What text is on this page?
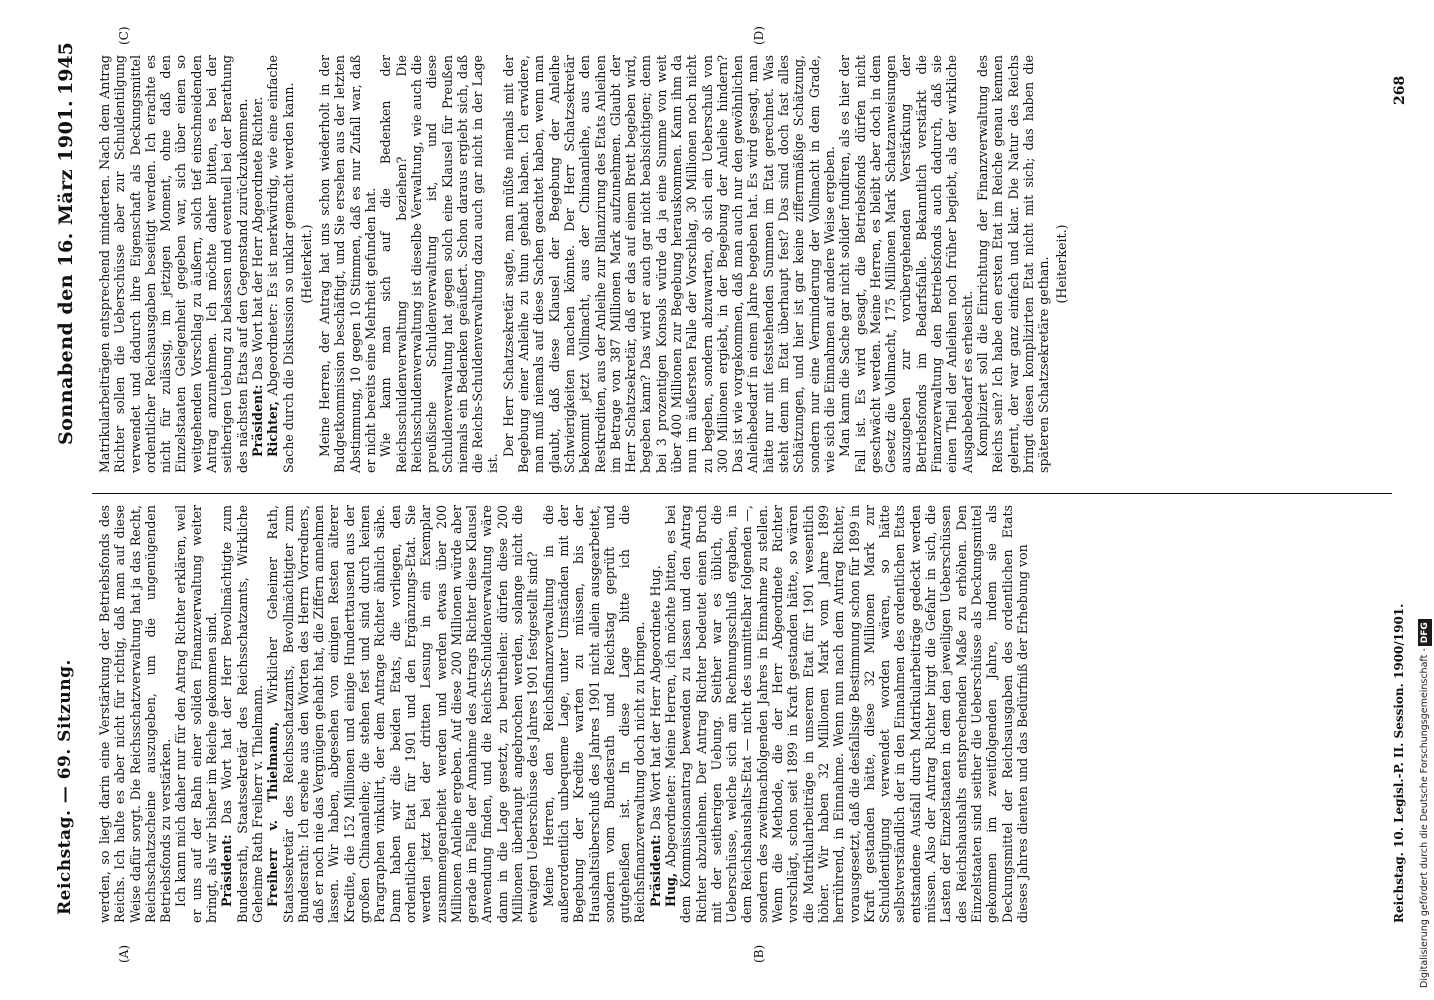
Reichstag. — 69. Sitzung.
Sonnabend den 16. März 1901.
1945
(A)	(B)
(C)	(D)

werden, so liegt darin eine Verstärkung der Betriebsfonds des Reichs. Ich halte es aber nicht für richtig, daß man auf diese Weise dafür sorgt. Die Reichsschatzverwaltung hat ja das Recht, Reichsschatzscheine auszugeben, um die ungenügenden Betriebsfonds zu verstärken. Ich kann mich daher nur für den Antrag Richter erklären, weil er uns auf der Bahn einer soliden Finanzverwaltung weiter bringt, als wir bisher im Reiche gekommen sind. Präsident: Das Wort hat der Herr Bevollmächtigte zum Bundesrath, Staatssekretär des Reichsschatzamts, Wirkliche Geheime Rath Freiherr v. Thielmann. Freiherr v. Thielmann, Wirklicher Geheimer Rath, Staatssekretär des Reichsschatzamts, Bevollmächtigter zum Bundesrath: Ich ersehe aus den Worten des Herrn Vorredners, daß er noch nie das Vergnügen gehabt hat, die Ziffern annehmen lassen. Wir haben, abgesehen von einigen Resten älterer Kredite, die 152 Millionen und einige Hunderttausend aus der großen Chinaanleihe; die stehen fest und sind durch keinen Paragraphen vinkulirt, der dem Antrage Richter ähnlich sähe. Dann haben wir die beiden Etats, die vorliegen, den ordentlichen Etat für 1901 und den Ergänzungs-Etat. Sie werden jetzt bei der dritten Lesung in ein Exemplar zusammengearbeitet werden und werden etwas über 200 Millionen Anleihe ergeben. Auf diese 200 Millionen würde aber gerade im Falle der Annahme des Antrags Richter diese Klausel Anwendung finden, und die Reichs-Schuldenverwaltung wäre dann in die Lage gesetzt, zu beurtheilen: dürfen diese 200 Millionen überhaupt angebrochen werden, solange nicht die etwaigen Ueberschüsse des Jahres 1901 festgestellt sind? Meine Herren, den Reichsfinanzverwaltung in die außerordentlich unbequeme Lage, unter Umständen mit der Begebung der Kredite warten zu müssen, bis der Haushaltsüberschuß des Jahres 1901 nicht allein ausgearbeitet, sondern vom Bundesrath und Reichstag geprüft und gutgeheißen ist. In diese Lage bitte ich die Reichsfinanzverwaltung doch nicht zu bringen. Präsident: Das Wort hat der Herr Abgeordnete Hug.

Hug, Abgeordneter: Meine Herren, ich möchte bitten, es bei dem Kommissionsantrag bewenden zu lassen und den Antrag Richter abzulehnen. Der Antrag Richter bedeutet einen Bruch mit der seitherigen Uebung. Seither war es üblich, die Ueberschüsse, welche sich am Rechnungsschluß ergaben, in dem Reichshaushalts-Etat — nicht des unmittelbar folgenden —, sondern des zweitnachfolgenden Jahres in Einnahme zu stellen. Wenn die Methode, die der Herr Abgeordnete Richter vorschlägt, schon seit 1899 in Kraft gestanden hätte, so wären die Matrikularbeiträge in unserem Etat für 1901 wesentlich höher. Wir haben 32 Millionen Mark vom Jahre 1899 herrührend, in Einnahme. Wenn nun nach dem Antrag Richter, vorausgesetzt, daß die desfallsige Bestimmung schon für 1899 in Kraft gestanden hätte, diese 32 Millionen Mark zur Schuldentilgung verwendet worden wären, so hätte selbstverständlich der in den Einnahmen des ordentlichen Etats entstandene Ausfall durch Matrikularbeiträge gedeckt werden müssen. Also der Antrag Richter birgt die Gefahr in sich, die Lasten der Einzelstaaten in dem den jeweiligen Ueberschüssen des Reichshaushalts entsprechenden Maße zu erhöhen. Den Einzelstaaten sind seither die Ueberschüsse als Deckungsmittel gekommen im zweitfolgenden Jahre, indem sie als Deckungsmittel der Reichsausgaben des ordentlichen Etats dieses Jahres dienten und das Bedürfniß der Erhebung von

Matrikularbeiträgen entsprechend minderten. Nach dem Antrag Richter sollen die Ueberschüsse aber zur Schuldentilgung verwendet und dadurch ihre Eigenschaft als Deckungsmittel ordentlicher Reichsausgaben beseitigt werden. Ich erachte es nicht für zulässig, im jetzigen Moment, ohne daß den Einzelstaaten Gelegenheit gegeben war, sich über einen so weitgehenden Vorschlag zu äußern, solch tief einschneidenden Antrag anzunehmen. Ich möchte daher bitten, es bei der seitherigen Uebung zu belassen und eventuell bei der Berathung des nächsten Etats auf den Gegenstand zurückzukommen. Präsident: Das Wort hat der Herr Abgeordnete Richter.

Richter, Abgeordneter: Es ist merkwürdig, wie eine einfache Sache durch die Diskussion so unklar gemacht werden kann. (Heiterkeit.) Meine Herren, der Antrag hat uns schon wiederholt in der Budgetkommission beschäftigt, und Sie ersehen aus der letzten Abstimmung, 10 gegen 10 Stimmen, daß es nur Zufall war, daß er nicht bereits eine Mehrheit gefunden hat. Wie kann man sich auf die Bedenken der Reichsschuldenverwaltung beziehen? Die Reichsschuldenverwaltung ist dieselbe Verwaltung, wie auch die preußische Schuldenverwaltung ist, und diese Schuldenverwaltung hat gegen solch eine Klausel für Preußen niemals ein Bedenken geäußert. Schon daraus ergiebt sich, daß die Reichs-Schuldenverwaltung dazu auch gar nicht in der Lage ist.

Der Herr Schatzsekretär sagte, man müßte niemals mit der Begebung einer Anleihe zu thun gehabt haben. Ich erwidere, man muß niemals auf diese Sachen geachtet haben, wenn man glaubt, daß diese Klausel der Begebung der Anleihe Schwierigkeiten machen könnte. Der Herr Schatzsekretär bekommt jetzt Vollmacht, aus der Chinaanleihe, aus den Restkrediten, aus der Anleihe zur Bilanzirung des Etats Anleihen im Betrage von 387 Millionen Mark aufzunehmen. Glaubt der Herr Schatzsekretär, daß er das auf einem Brett begeben wird, begeben kann? Das wird er auch gar nicht beabsichtigen; denn bei 3 prozentigen Konsols würde da ja eine Summe von weit über 400 Millionen zur Begebung herauskommen. Kann ihm da nun im äußersten Falle der Vorschlag, 30 Millionen noch nicht zu begeben, sondern abzuwarten, ob sich ein Ueberschuß von 300 Millionen ergiebt, in der Begebung der Anleihe hindern? Das ist wie vorgekommen, daß man auch nur den gewöhnlichen Anleihebedarf in einem Jahre begeben hat. Es wird gesagt, man hätte nur mit feststehenden Summen im Etat gerechnet. Was steht denn im Etat überhaupt fest? Das sind doch fast alles Schätzungen, und hier ist gar keine ziffernmäßige Schätzung, sondern nur eine Verminderung der Vollmacht in dem Grade, wie sich die Einnahmen auf andere Weise ergeben. Man kann die Sache gar nicht solider fundiren, als es hier der Fall ist. Es wird gesagt, die Betriebsfonds dürfen nicht geschwächt werden. Meine Herren, es bleibt aber doch in dem Gesetz die Vollmacht, 175 Millionen Mark Schatzanweisungen auszugeben zur vorübergehenden Verstärkung der Betriebsfonds im Bedarfsfalle. Bekanntlich verstärkt die Finanzverwaltung den Betriebsfonds auch dadurch, daß sie einen Theil der Anleihen noch früher begiebt, als der wirkliche Ausgabebedarf es erheischt. Kompliziert soll die Einrichtung der Finanzverwaltung des Reichs sein? Ich habe den ersten Etat im Reiche genau kennen gelernt, der war ganz einfach und klar. Die Natur des Reichs bringt diesen komplizirten Etat nicht mit sich; das haben die späteren Schatzsekretäre gethan. (Heiterkeit.)

Reichstag. 10. Legisl.-P. II. Session. 1900/1901.
268
Digitalisierung gefördert durch die Deutsche Forschungsgemeinschaft -DFG
